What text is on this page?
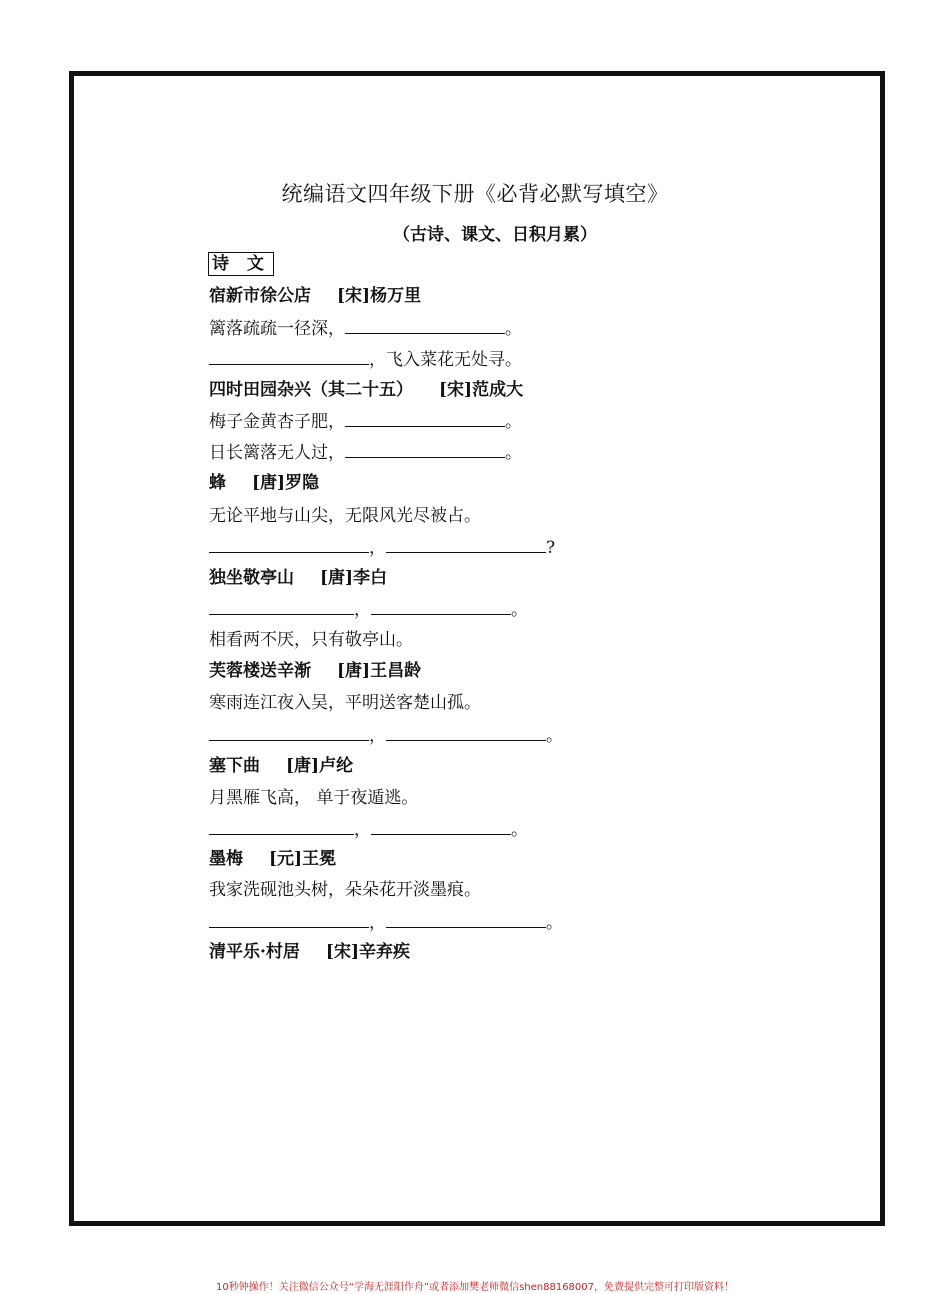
统编语文四年级下册《必背必默写填空》
（古诗、课文、日积月累）
诗 文
宿新市徐公店 [宋]杨万里
篱落疏疏一径深，	。
，飞入菜花无处寻。
四时田园杂兴（其二十五） [宋]范成大
梅子金黄杏子肥，	。
日长篱落无人过，	。
蜂 [唐]罗隐
无论平地与山尖，无限风光尽被占。
，	?
独坐敬亭山 [唐]李白
，	。
相看两不厌，只有敬亭山。
芙蓉楼送辛渐 [唐]王昌龄
寒雨连江夜入吴，平明送客楚山孤。
，	。
塞下曲 [唐]卢纶
月黑雁飞高， 单于夜遁逃。
，	。
墨梅 [元]王冕
我家洗砚池头树，朵朵花开淡墨痕。
，	。
清平乐·村居 [宋]辛弃疾
10秒钟操作！关注微信公众号“学海无涯阳作舟”或者添加樊老师微信shen88168007，免费提供完整可打印版资料！
